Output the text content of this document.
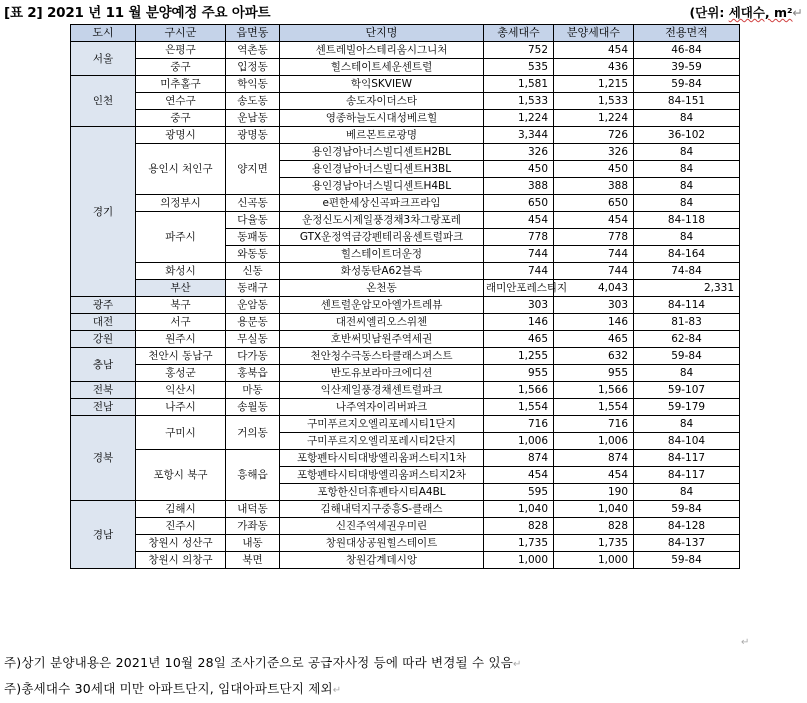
[표 2] 2021 년 11 월 분양예정 주요 아파트	(단위: 세대수, m²↵
도시	구시군	읍면동	단지명	총세대수	분양세대수	전용면적	
서울	은평구	역촌동	센트레빌아스테리움시그니처	752	454	46-84	
	중구	입정동	힐스테이트세운센트럴	535	436	39-59	
인천	미추홀구	학익동	학익SKVIEW	1,581	1,215	59-84	
	연수구	송도동	송도자이더스타	1,533	1,533	84-151	
	중구	운남동	영종하늘도시대성베르힐	1,224	1,224	84	
경기	광명시	광명동	베르몬트로광명	3,344	726	36-102	
	용인시 처인구	양지면	용인경남아너스빌디센트H2BL	326	326	84	
			용인경남아너스빌디센트H3BL	450	450	84	
			용인경남아너스빌디센트H4BL	388	388	84	
	의정부시	신곡동	e편한세상신곡파크프라임	650	650	84	
	파주시	다율동	운정신도시제일풍경채3차그랑포레	454	454	84-118	
		동패동	GTX운정역금강펜테리움센트럴파크	778	778	84	
		와동동	힐스테이트더운정	744	744	84-164	
	화성시	신동	화성동탄A62블록	744	744	74-84	
	부산	동래구	온천동	래미안포레스티지	4,043	2,331	
광주	북구	운암동	센트럴운암모아엘가트레뷰	303	303	84-114	
대전	서구	용문동	대전씨엘리오스위첸	146	146	81-83	
강원	원주시	무실동	호반써밋남원주역세권	465	465	62-84	
충남	천안시 동남구	다가동	천안청수극동스타클래스퍼스트	1,255	632	59-84	
	홍성군	홍북읍	반도유보라마크에디션	955	955	84	
전북	익산시	마동	익산제일풍경채센트럴파크	1,566	1,566	59-107	
전남	나주시	송월동	나주역자이리버파크	1,554	1,554	59-179	
경북	구미시	거의동	구미푸르지오엘리포레시티1단지	716	716	84	
			구미푸르지오엘리포레시티2단지	1,006	1,006	84-104	
	포항시 북구	흥해읍	포항펜타시티대방엘리움퍼스티지1차	874	874	84-117	
			포항펜타시티대방엘리움퍼스티지2차	454	454	84-117	
			포항한신더휴펜타시티A4BL	595	190	84	
경남	김해시	내덕동	김해내덕지구중흥S-클래스	1,040	1,040	59-84	
	진주시	가좌동	신진주역세권우미린	828	828	84-128	
	창원시 성산구	내동	창원대상공원힐스테이트	1,735	1,735	84-137	
	창원시 의창구	북면	창원감계데시앙	1,000	1,000	59-84	
↵
주)상기 분양내용은 2021년 10월 28일 조사기준으로 공급자사정 등에 따라 변경될 수 있음↵
주)총세대수 30세대 미만 아파트단지, 임대아파트단지 제외↵
